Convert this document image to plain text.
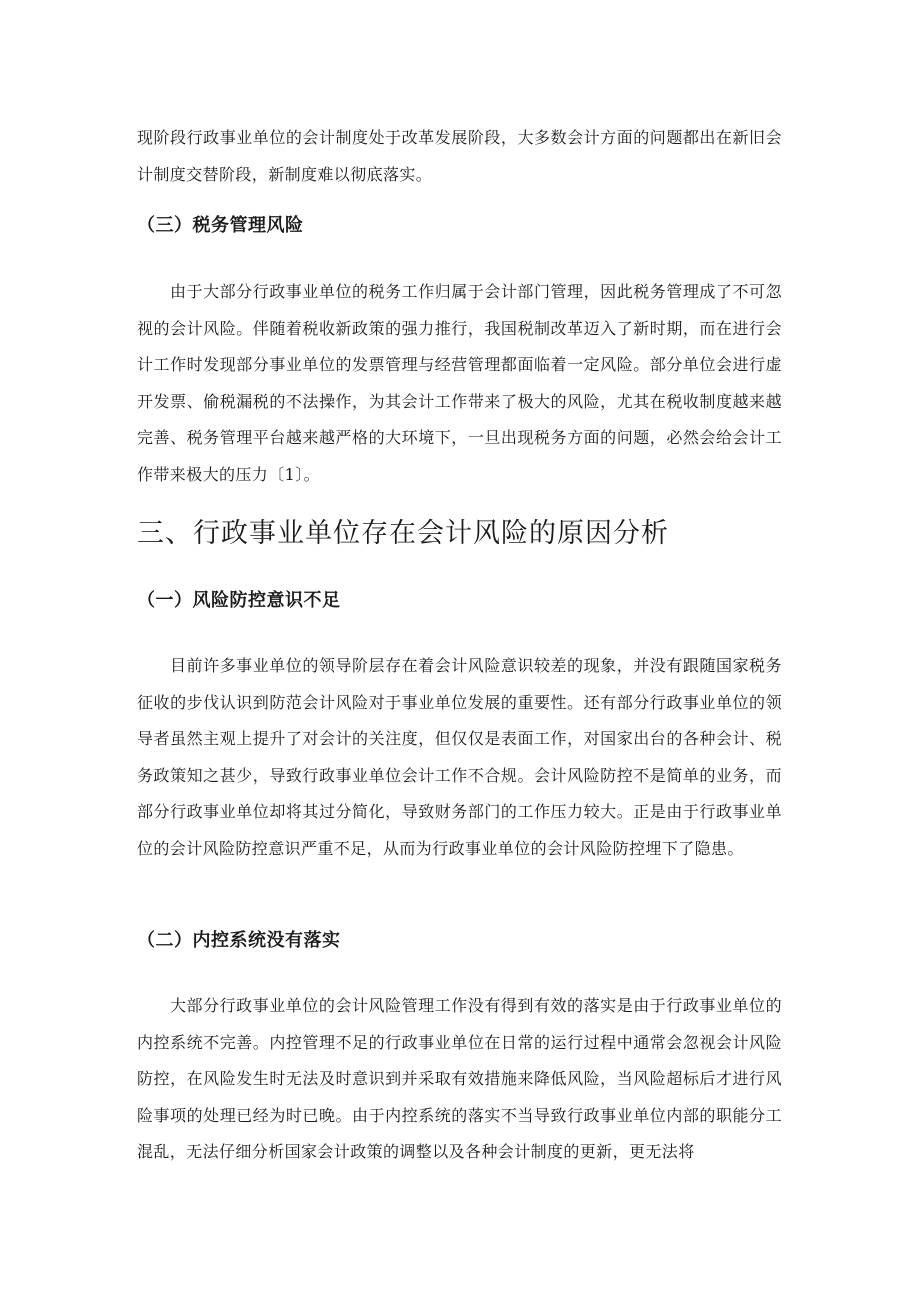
现阶段行政事业单位的会计制度处于改革发展阶段，大多数会计方面的问题都出在新旧会计制度交替阶段，新制度难以彻底落实。

（三）税务管理风险

由于大部分行政事业单位的税务工作归属于会计部门管理，因此税务管理成了不可忽视的会计风险。伴随着税收新政策的强力推行，我国税制改革迈入了新时期，而在进行会计工作时发现部分事业单位的发票管理与经营管理都面临着一定风险。部分单位会进行虚开发票、偷税漏税的不法操作，为其会计工作带来了极大的风险，尤其在税收制度越来越完善、税务管理平台越来越严格的大环境下，一旦出现税务方面的问题，必然会给会计工作带来极大的压力〔1〕。

三、行政事业单位存在会计风险的原因分析
（一）风险防控意识不足

目前许多事业单位的领导阶层存在着会计风险意识较差的现象，并没有跟随国家税务征收的步伐认识到防范会计风险对于事业单位发展的重要性。还有部分行政事业单位的领导者虽然主观上提升了对会计的关注度，但仅仅是表面工作，对国家出台的各种会计、税务政策知之甚少，导致行政事业单位会计工作不合规。会计风险防控不是简单的业务，而部分行政事业单位却将其过分简化，导致财务部门的工作压力较大。正是由于行政事业单位的会计风险防控意识严重不足，从而为行政事业单位的会计风险防控埋下了隐患。

（二）内控系统没有落实

大部分行政事业单位的会计风险管理工作没有得到有效的落实是由于行政事业单位的内控系统不完善。内控管理不足的行政事业单位在日常的运行过程中通常会忽视会计风险防控，在风险发生时无法及时意识到并采取有效措施来降低风险，当风险超标后才进行风险事项的处理已经为时已晚。由于内控系统的落实不当导致行政事业单位内部的职能分工混乱，无法仔细分析国家会计政策的调整以及各种会计制度的更新，更无法将
